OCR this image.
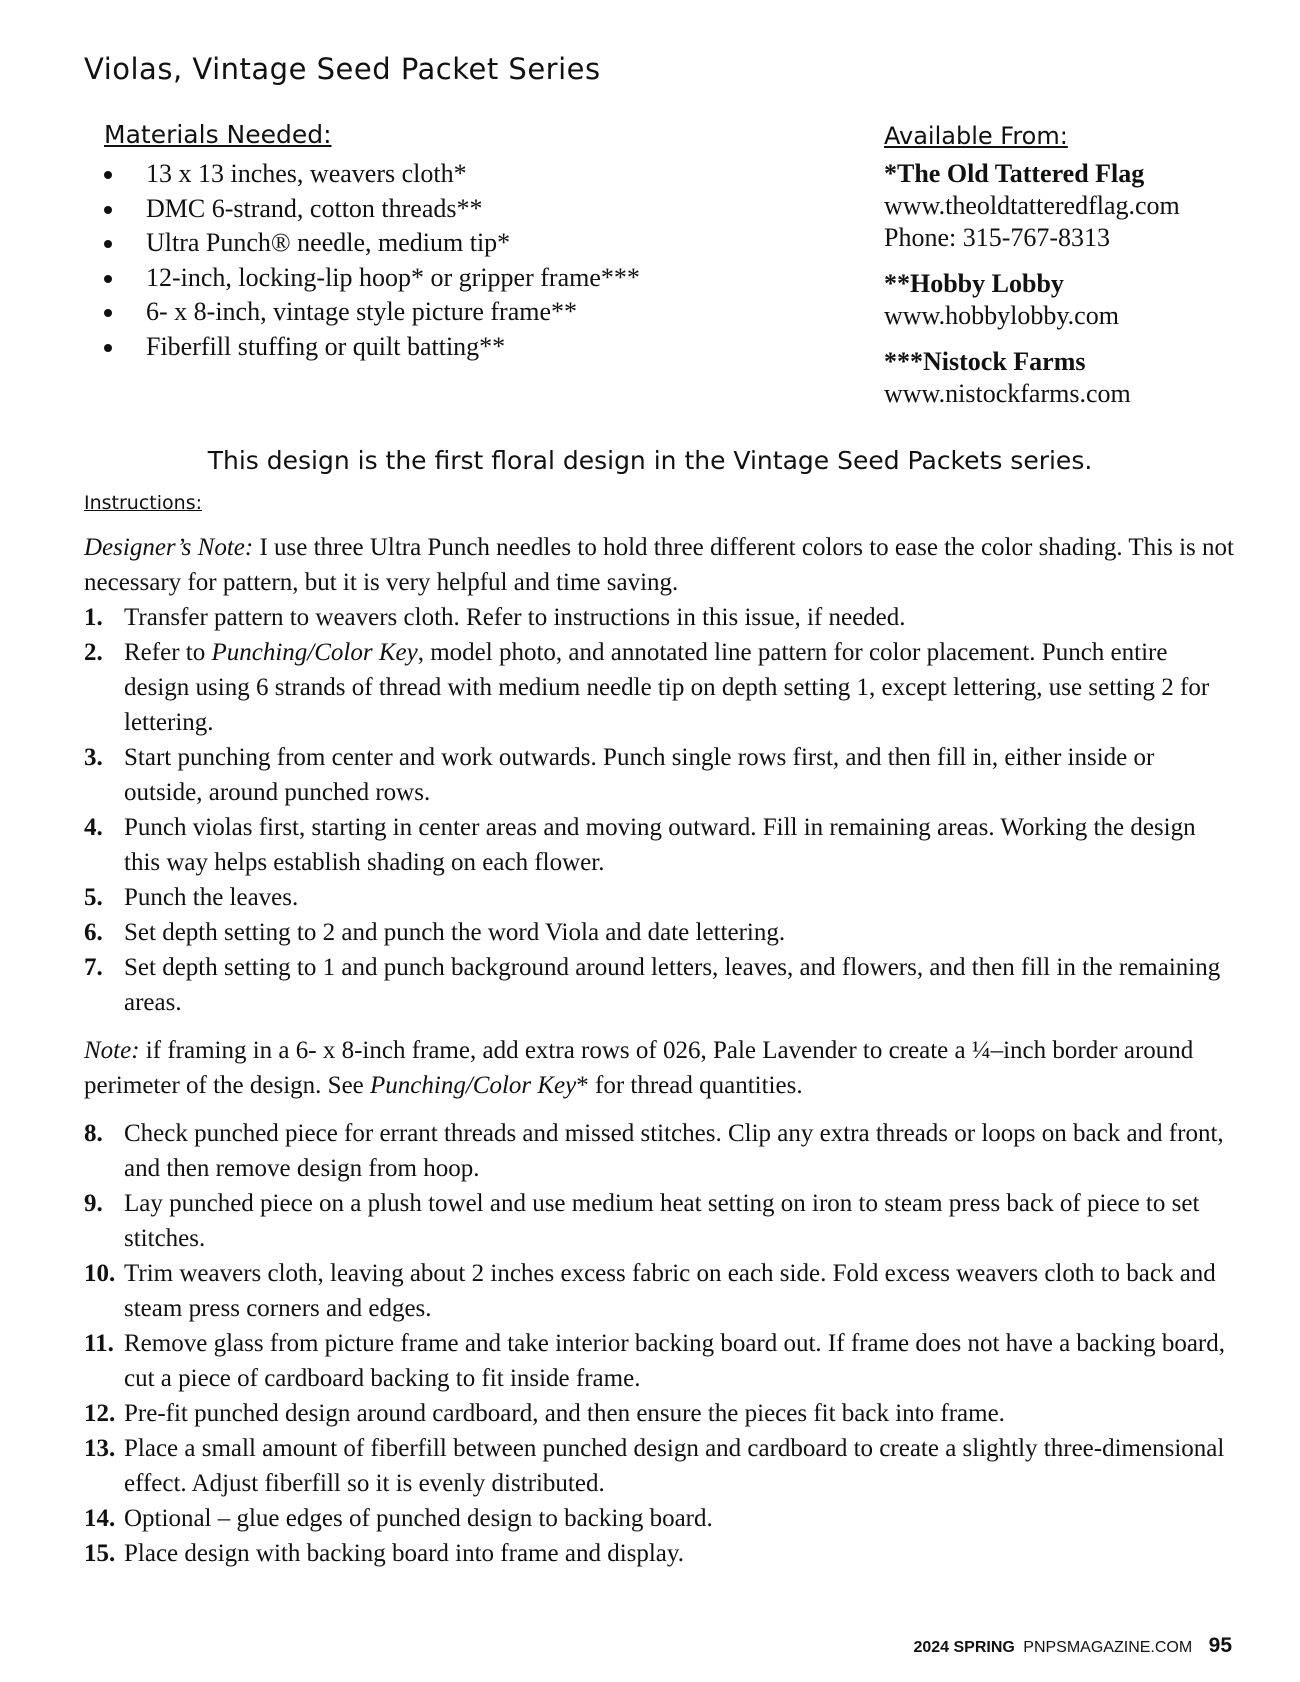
Violas, Vintage Seed Packet Series
Materials Needed:
13 x 13 inches, weavers cloth*
DMC 6-strand, cotton threads**
Ultra Punch® needle, medium tip*
12-inch, locking-lip hoop* or gripper frame***
6- x 8-inch, vintage style picture frame**
Fiberfill stuffing or quilt batting**
Available From:
*The Old Tattered Flag
www.theoldtatteredflag.com
Phone: 315-767-8313
**Hobby Lobby
www.hobbylobby.com
***Nistock Farms
www.nistockfarms.com
This design is the first floral design in the Vintage Seed Packets series.
Instructions:

Designer’s Note: I use three Ultra Punch needles to hold three different colors to ease the color shading. This is not necessary for pattern, but it is very helpful and time saving.

1. Transfer pattern to weavers cloth. Refer to instructions in this issue, if needed.
2. Refer to Punching/Color Key, model photo, and annotated line pattern for color placement. Punch entire design using 6 strands of thread with medium needle tip on depth setting 1, except lettering, use setting 2 for lettering.
3. Start punching from center and work outwards. Punch single rows first, and then fill in, either inside or outside, around punched rows.
4. Punch violas first, starting in center areas and moving outward. Fill in remaining areas. Working the design this way helps establish shading on each flower.
5. Punch the leaves.
6. Set depth setting to 2 and punch the word Viola and date lettering.
7. Set depth setting to 1 and punch background around letters, leaves, and flowers, and then fill in the remaining areas.

Note: if framing in a 6- x 8-inch frame, add extra rows of 026, Pale Lavender to create a ¼–inch border around perimeter of the design. See Punching/Color Key* for thread quantities.

8. Check punched piece for errant threads and missed stitches. Clip any extra threads or loops on back and front, and then remove design from hoop.
9. Lay punched piece on a plush towel and use medium heat setting on iron to steam press back of piece to set stitches.
10. Trim weavers cloth, leaving about 2 inches excess fabric on each side. Fold excess weavers cloth to back and steam press corners and edges.
11. Remove glass from picture frame and take interior backing board out. If frame does not have a backing board, cut a piece of cardboard backing to fit inside frame.
12. Pre-fit punched design around cardboard, and then ensure the pieces fit back into frame.
13. Place a small amount of fiberfill between punched design and cardboard to create a slightly three-dimensional effect. Adjust fiberfill so it is evenly distributed.
14. Optional – glue edges of punched design to backing board.
15. Place design with backing board into frame and display.
2024 SPRING PNPSMAGAZINE.COM 95
